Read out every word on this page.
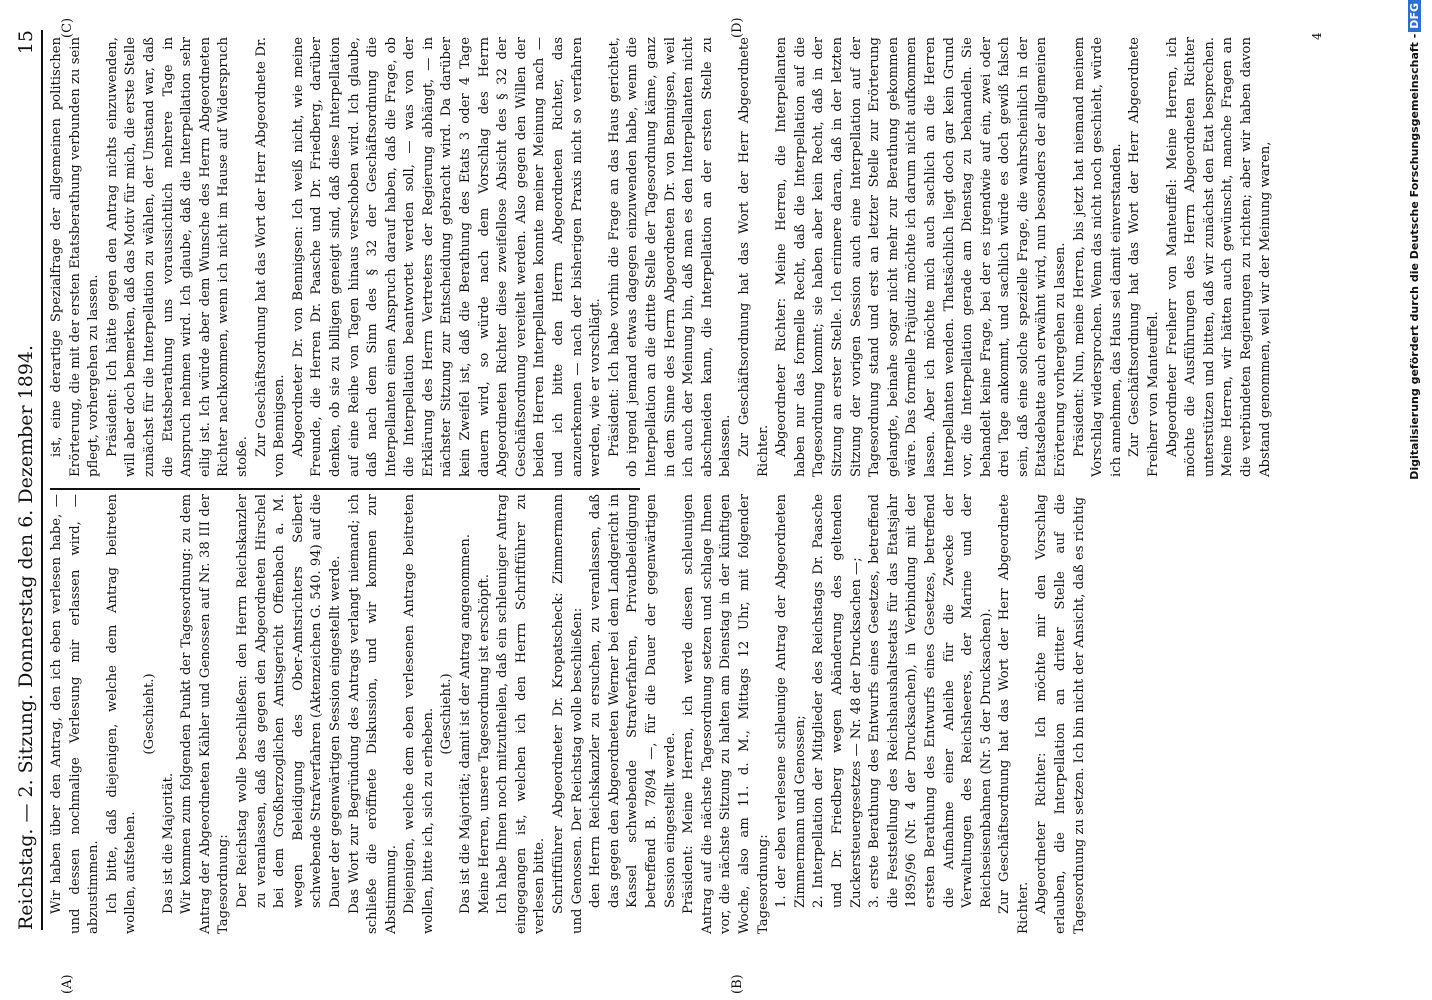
Reichstag. — 2. Sitzung. Donnerstag den 6. Dezember 1894.
15
(A)	(B)
(C)	(D)

Wir haben über den Antrag, den ich eben verlesen habe, — und dessen nochmalige Verlesung mir erlassen wird, — abzustimmen. Ich bitte, daß diejenigen, welche dem Antrag beitreten wollen, aufstehen.

(Geschieht.)

Das ist die Majorität. Wir kommen zum folgenden Punkt der Tagesordnung: zu dem Antrag der Abgeordneten Kähler und Genossen auf Nr. 38 III der Tagesordnung: Der Reichstag wolle beschließen: den Herrn Reichskanzler zu veranlassen, daß das gegen den Abgeordneten Hirschel bei dem Großherzoglichen Amtsgericht Offenbach a. M. wegen Beleidigung des Ober-Amtsrichters Seibert schwebende Strafverfahren (Aktenzeichen G. 540. 94) auf die Dauer der gegenwärtigen Session eingestellt werde. Das Wort zur Begründung des Antrags verlangt niemand; ich schließe die eröffnete Diskussion, und wir kommen zur Abstimmung. Diejenigen, welche dem eben verlesenen Antrage beitreten wollen, bitte ich, sich zu erheben. (Geschieht.) Das ist die Majorität; damit ist der Antrag angenommen. Meine Herren, unsere Tagesordnung ist erschöpft. Ich habe Ihnen noch mitzutheilen, daß ein schleuniger Antrag eingegangen ist, welchen ich den Herrn Schriftführer zu verlesen bitte. Schriftführer Abgeordneter Dr. Kropatscheck: Zimmermann und Genossen. Der Reichstag wolle beschließen: den Herrn Reichskanzler zu ersuchen, zu veranlassen, daß das gegen den Abgeordneten Werner bei dem Landgericht in Kassel schwebende Strafverfahren, Privatbeleidigung betreffend B. 78/94 —, für die Dauer der gegenwärtigen Session eingestellt werde. Präsident: Meine Herren, ich werde diesen schleunigen Antrag auf die nächste Tagesordnung setzen und schlage Ihnen vor, die nächste Sitzung zu halten am Dienstag in der künftigen Woche, also am 11. d. M., Mittags 12 Uhr, mit folgender Tagesordnung: 1. der eben verlesene schleunige Antrag der Abgeordneten Zimmermann und Genossen; 2. Interpellation der Mitglieder des Reichstags Dr. Paasche und Dr. Friedberg wegen Abänderung des geltenden Zuckersteuergesetzes — Nr. 48 der Drucksachen —; 3. erste Berathung des Entwurfs eines Gesetzes, betreffend die Feststellung des Reichshaushaltsetats für das Etatsjahr 1895/96 (Nr. 4 der Drucksachen), in Verbindung mit der ersten Berathung des Entwurfs eines Gesetzes, betreffend die Aufnahme einer Anleihe für die Zwecke der Verwaltungen des Reichsheeres, der Marine und der Reichseisenbahnen (Nr. 5 der Drucksachen). Zur Geschäftsordnung hat das Wort der Herr Abgeordnete Richter. Abgeordneter Richter: Ich möchte mir den Vorschlag erlauben, die Interpellation an dritter Stelle auf die Tagesordnung zu setzen. Ich bin nicht der Ansicht, daß es richtig

ist, eine derartige Spezialfrage der allgemeinen politischen Erörterung, die mit der ersten Etatsberathung verbunden zu sein pflegt, vorhergehen zu lassen. Präsident: Ich hätte gegen den Antrag nichts einzuwenden, will aber doch bemerken, daß das Motiv für mich, die erste Stelle zunächst für die Interpellation zu wählen, der Umstand war, daß die Etatsberathung uns voraussichtlich mehrere Tage in Anspruch nehmen wird. Ich glaube, daß die Interpellation sehr eilig ist. Ich würde aber dem Wunsche des Herrn Abgeordneten Richter nachkommen, wenn ich nicht im Hause auf Widerspruch stoße. Zur Geschäftsordnung hat das Wort der Herr Abgeordnete Dr. von Bennigsen. Abgeordneter Dr. von Bennigsen: Ich weiß nicht, wie meine Freunde, die Herren Dr. Paasche und Dr. Friedberg, darüber denken, ob sie zu billigen geneigt sind, daß diese Interpellation auf eine Reihe von Tagen hinaus verschoben wird. Ich glaube, daß nach dem Sinn des § 32 der Geschäftsordnung die Interpellanten einen Anspruch darauf haben, daß die Frage, ob die Interpellation beantwortet werden soll, — was von der Erklärung des Herrn Vertreters der Regierung abhängt, — in nächster Sitzung zur Entscheidung gebracht wird. Da darüber kein Zweifel ist, daß die Berathung des Etats 3 oder 4 Tage dauern wird, so würde nach dem Vorschlag des Herrn Abgeordneten Richter diese zweifellose Absicht des § 32 der Geschäftsordnung vereitelt werden. Also gegen den Willen der beiden Herren Interpellanten konnte meiner Meinung nach — und ich bitte den Herrn Abgeordneten Richter, das anzuerkennen — nach der bisherigen Praxis nicht so verfahren werden, wie er vorschlägt. Präsident: Ich habe vorhin die Frage an das Haus gerichtet, ob irgend jemand etwas dagegen einzuwenden habe, wenn die Interpellation an die dritte Stelle der Tagesordnung käme, ganz in dem Sinne des Herrn Abgeordneten Dr. von Bennigsen, weil ich auch der Meinung bin, daß man es den Interpellanten nicht abschneiden kann, die Interpellation an der ersten Stelle zu belassen. Zur Geschäftsordnung hat das Wort der Herr Abgeordnete Richter. Abgeordneter Richter: Meine Herren, die Interpellanten haben nur das formelle Recht, daß die Interpellation auf die Tagesordnung kommt; sie haben aber kein Recht, daß in der Sitzung an erster Stelle. Ich erinnere daran, daß in der letzten Sitzung der vorigen Session auch eine Interpellation auf der Tagesordnung stand und erst an letzter Stelle zur Erörterung gelangte, beinahe sogar nicht mehr zur Berathung gekommen wäre. Das formelle Präjudiz möchte ich darum nicht aufkommen lassen. Aber ich möchte mich auch sachlich an die Herren Interpellanten wenden. Thatsächlich liegt doch gar kein Grund vor, die Interpellation gerade am Dienstag zu behandeln. Sie behandelt keine Frage, bei der es irgendwie auf ein, zwei oder drei Tage ankommt, und sachlich würde es doch gewiß falsch sein, daß eine solche spezielle Frage, die wahrscheinlich in der Etatsdebatte auch erwähnt wird, nun besonders der allgemeinen Erörterung vorhergehen zu lassen. Präsident: Nun, meine Herren, bis jetzt hat niemand meinem Vorschlag widersprochen. Wenn das nicht noch geschieht, würde ich annehmen, das Haus sei damit einverstanden. Zur Geschäftsordnung hat das Wort der Herr Abgeordnete Freiherr von Manteuffel. Abgeordneter Freiherr von Manteuffel: Meine Herren, ich möchte die Ausführungen des Herrn Abgeordneten Richter unterstützen und bitten, daß wir zunächst den Etat besprechen. Meine Herren, wir hätten auch gewünscht, manche Fragen an die verbündeten Regierungen zu richten; aber wir haben davon Abstand genommen, weil wir der Meinung waren,

4	Digitalisierung gefördert durch die Deutsche Forschungsgemeinschaft -DFG
